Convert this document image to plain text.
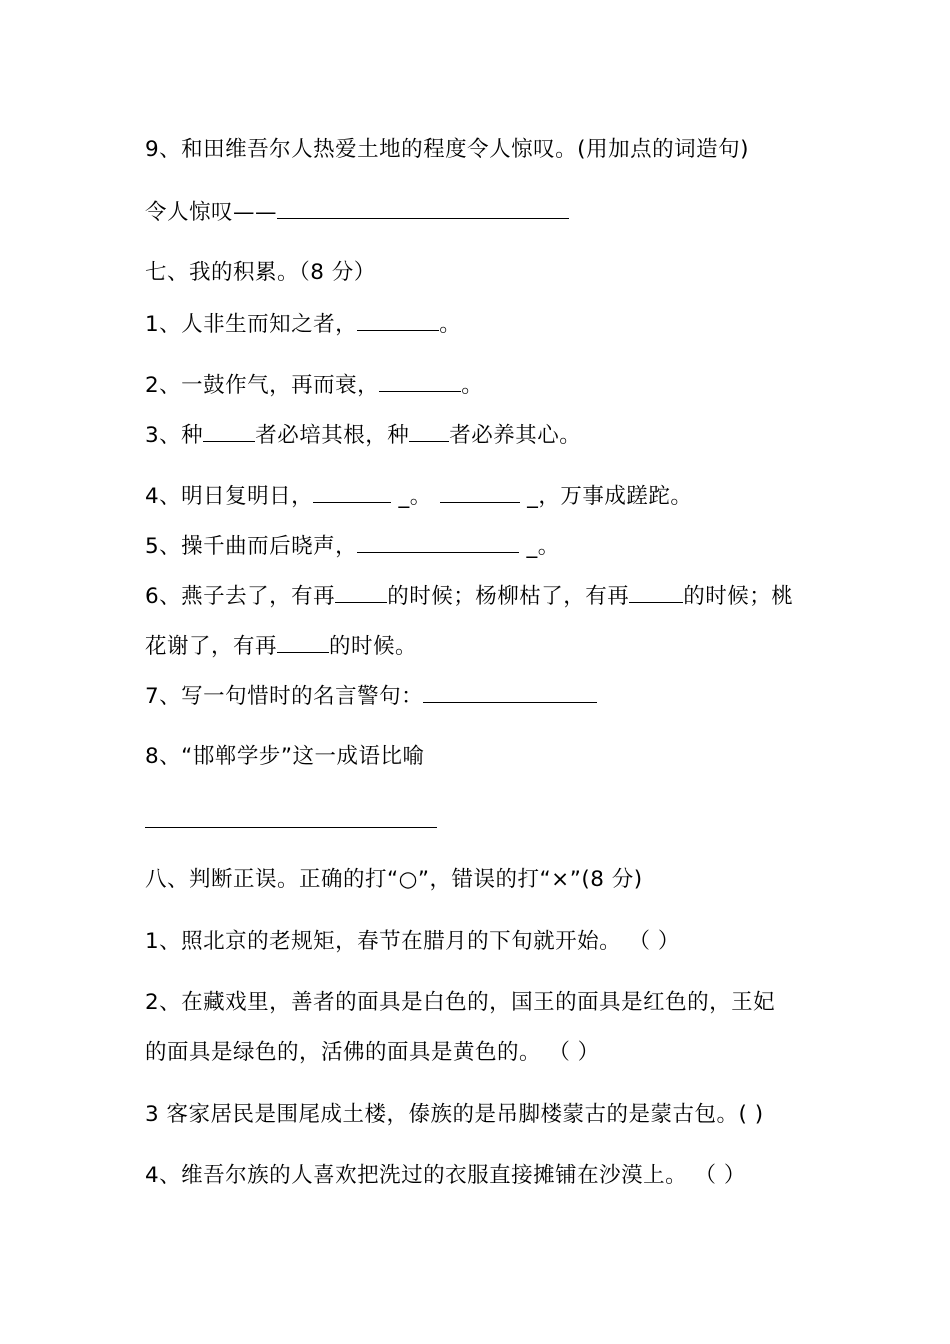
9、和田维吾尔人热爱土地的程度令人惊叹。(用加点的词造句)
令人惊叹——
七、我的积累。（8 分）
1、人非生而知之者，	。
2、一鼓作气，再而衰，	。
3、种 者必培其根，种 者必养其心。
4、明日复明日，	_。	_，万事成蹉跎。
5、操千曲而后晓声，	_。
6、燕子去了，有再 的时候；杨柳枯了，有再	的时候；桃
花谢了，有再 的时候。
7、写一句惜时的名言警句：
8、“邯郸学步”这一成语比喻
八、判断正误。正确的打“○”，错误的打“×”(8 分)
1、照北京的老规矩，春节在腊月的下旬就开始。 （ ）
2、在藏戏里，善者的面具是白色的，国王的面具是红色的，王妃
的面具是绿色的，活佛的面具是黄色的。 （ ）
3 客家居民是围尾成土楼，傣族的是吊脚楼蒙古的是蒙古包。( )
4、维吾尔族的人喜欢把洗过的衣服直接摊铺在沙漠上。 （ ）
